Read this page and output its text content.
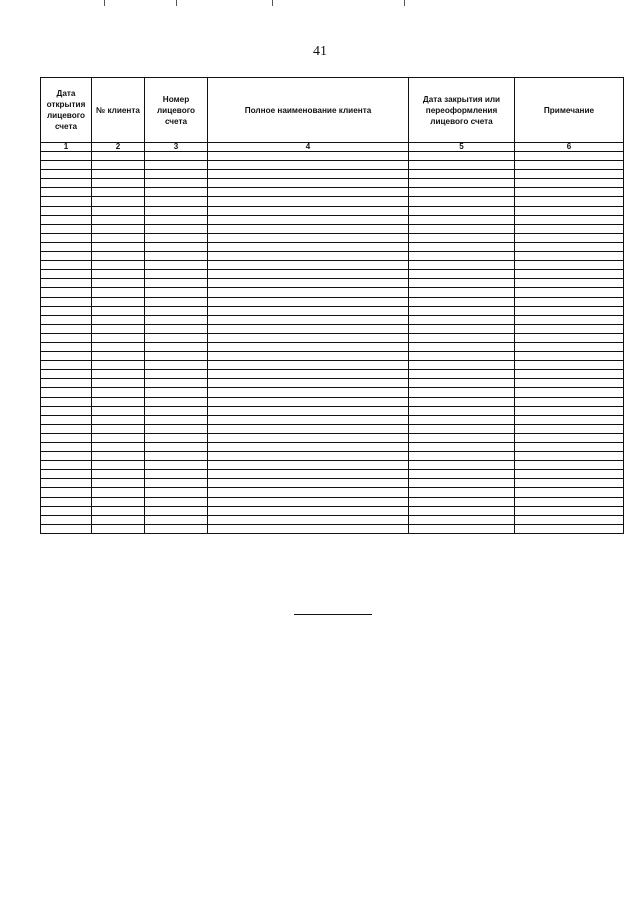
41
Дата открытия лицевого счета	№ клиента	Номер лицевого счета	Полное наименование клиента	Дата закрытия или переоформления лицевого счета	Примечание
1	2	3	4	5	6
